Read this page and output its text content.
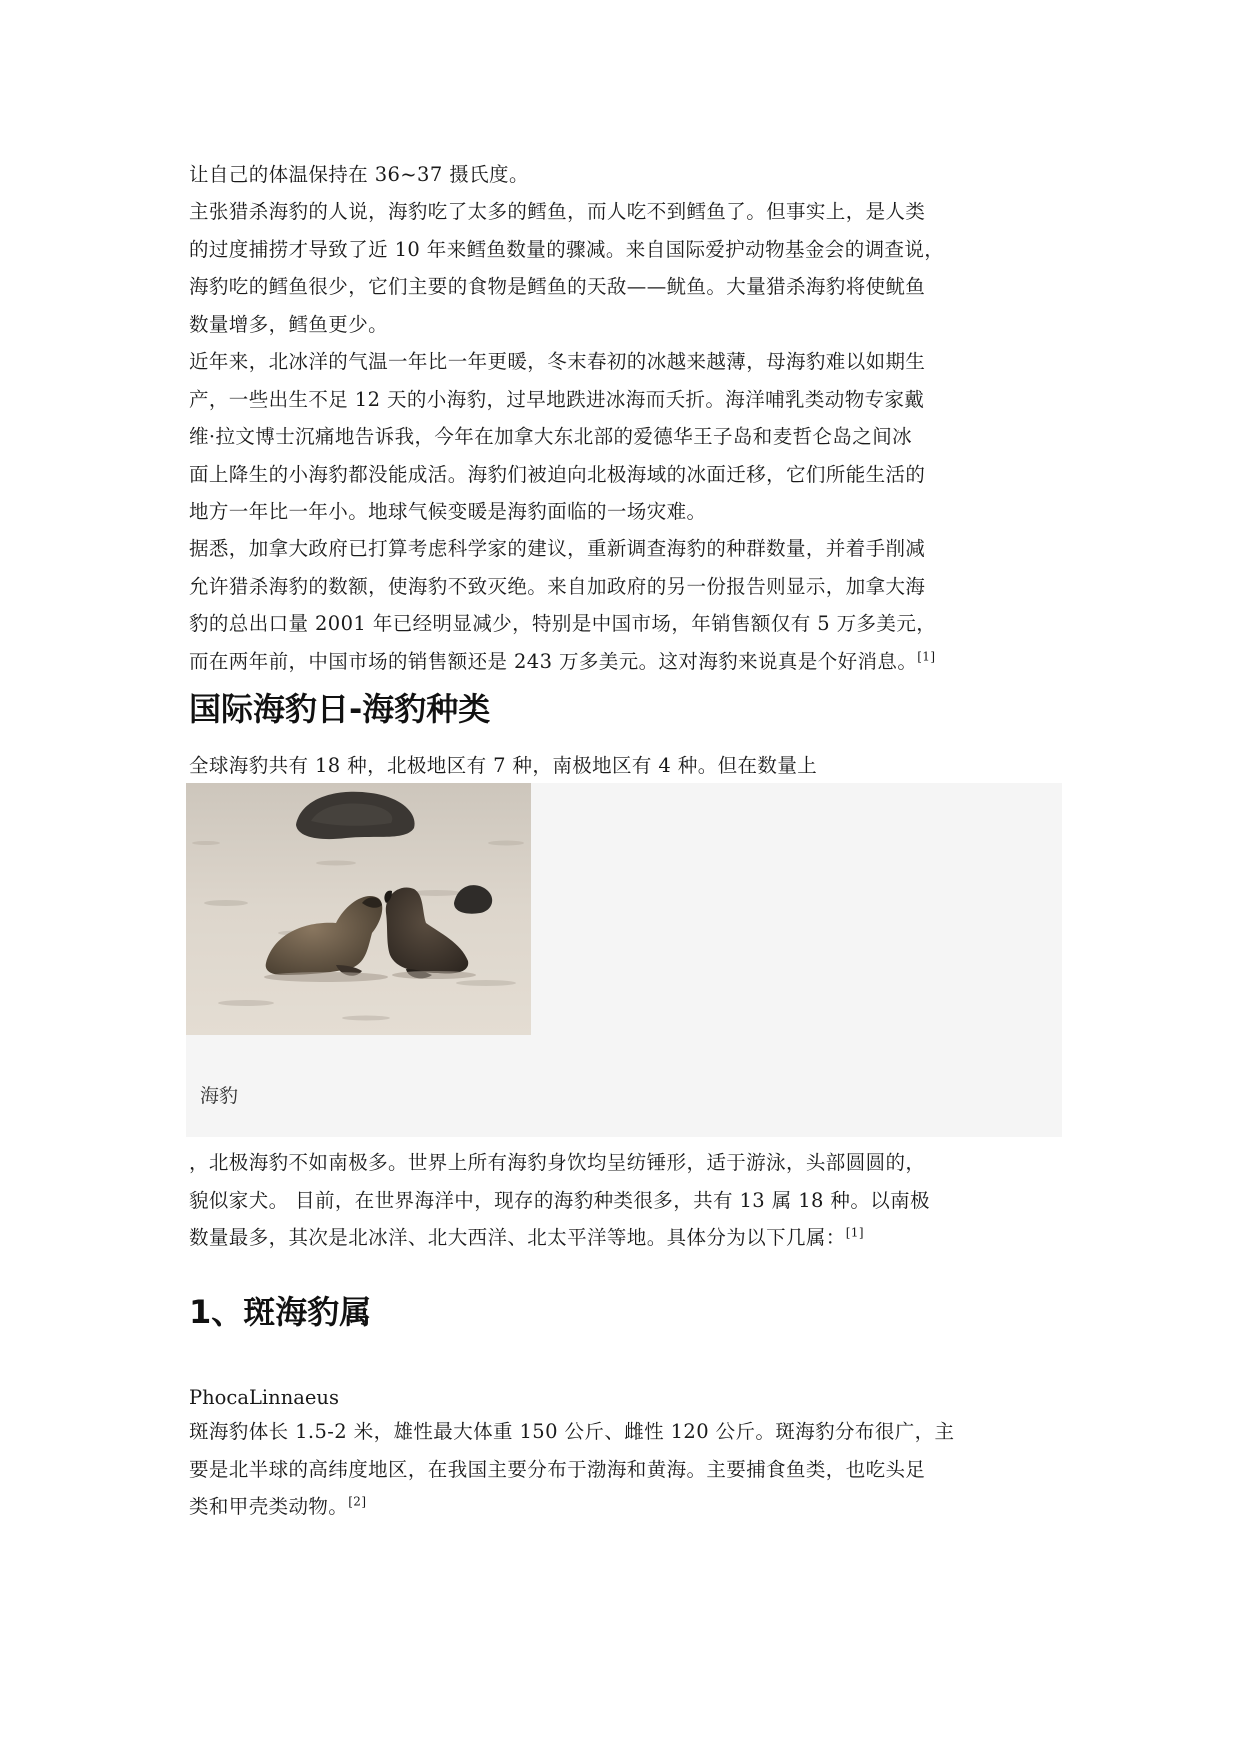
让自己的体温保持在 36~37 摄氏度。

主张猎杀海豹的人说，海豹吃了太多的鳕鱼，而人吃不到鳕鱼了。但事实上，是人类
的过度捕捞才导致了近 10 年来鳕鱼数量的骤减。来自国际爱护动物基金会的调查说，
海豹吃的鳕鱼很少，它们主要的食物是鳕鱼的天敌——鱿鱼。大量猎杀海豹将使鱿鱼
数量增多，鳕鱼更少。

近年来，北冰洋的气温一年比一年更暖，冬末春初的冰越来越薄，母海豹难以如期生
产，一些出生不足 12 天的小海豹，过早地跌进冰海而夭折。海洋哺乳类动物专家戴
维·拉文博士沉痛地告诉我，今年在加拿大东北部的爱德华王子岛和麦哲仑岛之间冰
面上降生的小海豹都没能成活。海豹们被迫向北极海域的冰面迁移，它们所能生活的
地方一年比一年小。地球气候变暖是海豹面临的一场灾难。

据悉，加拿大政府已打算考虑科学家的建议，重新调查海豹的种群数量，并着手削减
允许猎杀海豹的数额，使海豹不致灭绝。来自加政府的另一份报告则显示，加拿大海
豹的总出口量 2001 年已经明显减少，特别是中国市场，年销售额仅有 5 万多美元，
而在两年前，中国市场的销售额还是 243 万多美元。这对海豹来说真是个好消息。[1]

国际海豹日-海豹种类

全球海豹共有 18 种，北极地区有 7 种，南极地区有 4 种。但在数量上

海豹

，北极海豹不如南极多。世界上所有海豹身饮均呈纺锤形，适于游泳，头部圆圆的，
貌似家犬。 目前，在世界海洋中，现存的海豹种类很多，共有 13 属 18 种。以南极
数量最多，其次是北冰洋、北大西洋、北太平洋等地。具体分为以下几属：[1]

1、斑海豹属
PhocaLinnaeus

斑海豹体长 1.5-2 米，雄性最大体重 150 公斤、雌性 120 公斤。斑海豹分布很广，主
要是北半球的高纬度地区，在我国主要分布于渤海和黄海。主要捕食鱼类，也吃头足
类和甲壳类动物。[2]
